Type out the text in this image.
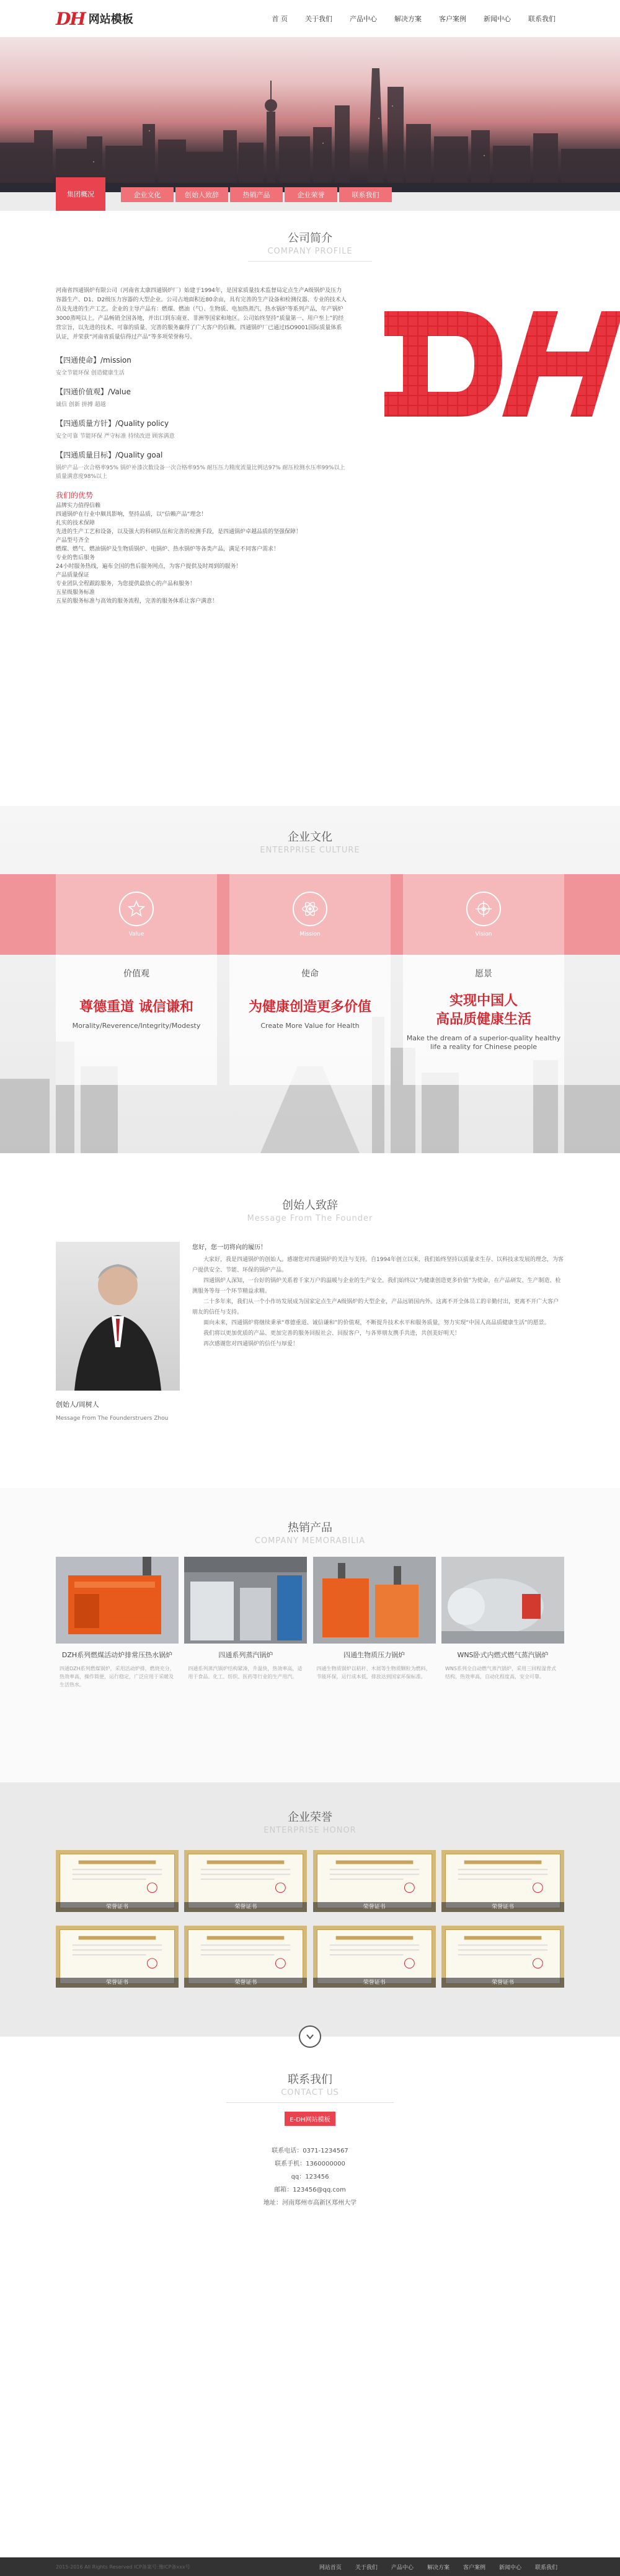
DH 网站模板	首 页	关于我们	产品中心	解决方案	客户案例	新闻中心	联系我们
集团概况	企业文化	创始人致辞	热销产品	企业荣誉	联系我们
公司简介
COMPANY PROFILE

河南省四通锅炉有限公司（河南省太康四通锅炉厂）始建于1994年，是国家质量技术监督局定点生产A级锅炉及压力容器生产、D1、D2级压力容器的大型企业。公司占地面积近80余亩，具有完善的生产设备和检测仪器、专业的技术人员及先进的生产工艺。企业的主导产品有：燃煤、燃油（气）、生物质、电加热蒸汽、热水锅炉等系列产品，年产锅炉3000蒸吨以上。产品畅销全国各地，并出口到东南亚、非洲等国家和地区。公司始终坚持“质量第一、用户至上”的经营宗旨，以先进的技术、可靠的质量、完善的服务赢得了广大客户的信赖。四通锅炉厂已通过ISO9001国际质量体系认证，并荣获“河南省质量信得过产品”等多项荣誉称号。

【四通使命】/mission
安全节能环保 创造健康生活
【四通价值观】/Value
诚信 创新 拼搏 超越
【四通质量方针】/Quality policy
安全可靠 节能环保 严守标准 持续改进 顾客满意
【四通质量目标】/Quality goal
锅炉产品一次合格率95% 锅炉补漆次数设备一次合格率95% 耐压压力精度流量比例达97% 耐压检测水压率99%以上 质量满意度98%以上
我们的优势
品牌实力值得信赖
四通锅炉在行业中颇具影响，坚持品质，以“信赖产品”理念！
扎实的技术保障
先进的生产工艺和设备，以及强大的科研队伍和完善的检测手段，是四通锅炉卓越品质的坚强保障！
产品型号齐全
燃煤、燃气、燃油锅炉及生物质锅炉、电锅炉、热水锅炉等各类产品，满足不同客户需求！
专业的售后服务
24小时服务热线，遍布全国的售后服务网点，为客户提供及时周到的服务！
产品质量保证
专业团队全程跟踪服务，为您提供最放心的产品和服务！
五星级服务标准
五星的服务标准与高效的服务流程，完善的服务体系让客户满意！
企业文化
ENTERPRISE CULTURE
Value
价值观
尊德重道 诚信谦和
Morality/Reverence/Integrity/Modesty
Mission
使命
为健康创造更多价值
Create More Value for Health
Vision
愿景
实现中国人
高品质健康生活
Make the dream of a superior-quality healthy life a reality for Chinese people
创始人致辞
Message From The Founder
创始人/周树人
Message From The Founderstruers Zhou
您好，您一切将向的履历！

大家好，我是四通锅炉的创始人。感谢您对四通锅炉的关注与支持。自1994年创立以来，我们始终坚持以质量求生存、以科技求发展的理念，为客户提供安全、节能、环保的锅炉产品。

四通锅炉人深知，一台好的锅炉关系着千家万户的温暖与企业的生产安全。我们始终以“为健康创造更多价值”为使命，在产品研发、生产制造、检测服务等每一个环节精益求精。

二十多年来，我们从一个小作坊发展成为国家定点生产A级锅炉的大型企业，产品远销国内外。这离不开全体员工的辛勤付出，更离不开广大客户朋友的信任与支持。

面向未来，四通锅炉将继续秉承“尊德重道、诚信谦和”的价值观，不断提升技术水平和服务质量，努力实现“中国人高品质健康生活”的愿景。

我们将以更加优质的产品、更加完善的服务回报社会、回报客户，与各界朋友携手共进，共创美好明天！

再次感谢您对四通锅炉的信任与厚爱！

热销产品
COMPANY MEMORABILIA
DZH系列燃煤活动炉排常压热水锅炉
四通DZH系列燃煤锅炉，采用活动炉排，燃烧充分，热效率高，操作简便，运行稳定，广泛应用于采暖及生活热水。
四通系列蒸汽锅炉
四通系列蒸汽锅炉结构紧凑，升温快，热效率高，适用于食品、化工、纺织、医药等行业的生产用汽。
四通生物质压力锅炉
四通生物质锅炉以秸秆、木屑等生物质颗粒为燃料，节能环保，运行成本低，排放达到国家环保标准。
WNS卧式内燃式燃气蒸汽锅炉
WNS系列全自动燃气蒸汽锅炉，采用三回程湿背式结构，热效率高，自动化程度高，安全可靠。
企业荣誉
ENTERPRISE HONOR
荣誉证书	荣誉证书	荣誉证书	荣誉证书
荣誉证书	荣誉证书	荣誉证书	荣誉证书
联系我们
CONTACT US
E-DH网站模板
联系电话：0371-1234567
联系手机：1360000000
qq：123456
邮箱：123456@qq.com
地址：河南郑州市高新区郑州大学
2015-2016 All Rights Reserved ICP备案号:豫ICP备xxx号	网站首页	关于我们	产品中心	解决方案	客户案例	新闻中心	联系我们
